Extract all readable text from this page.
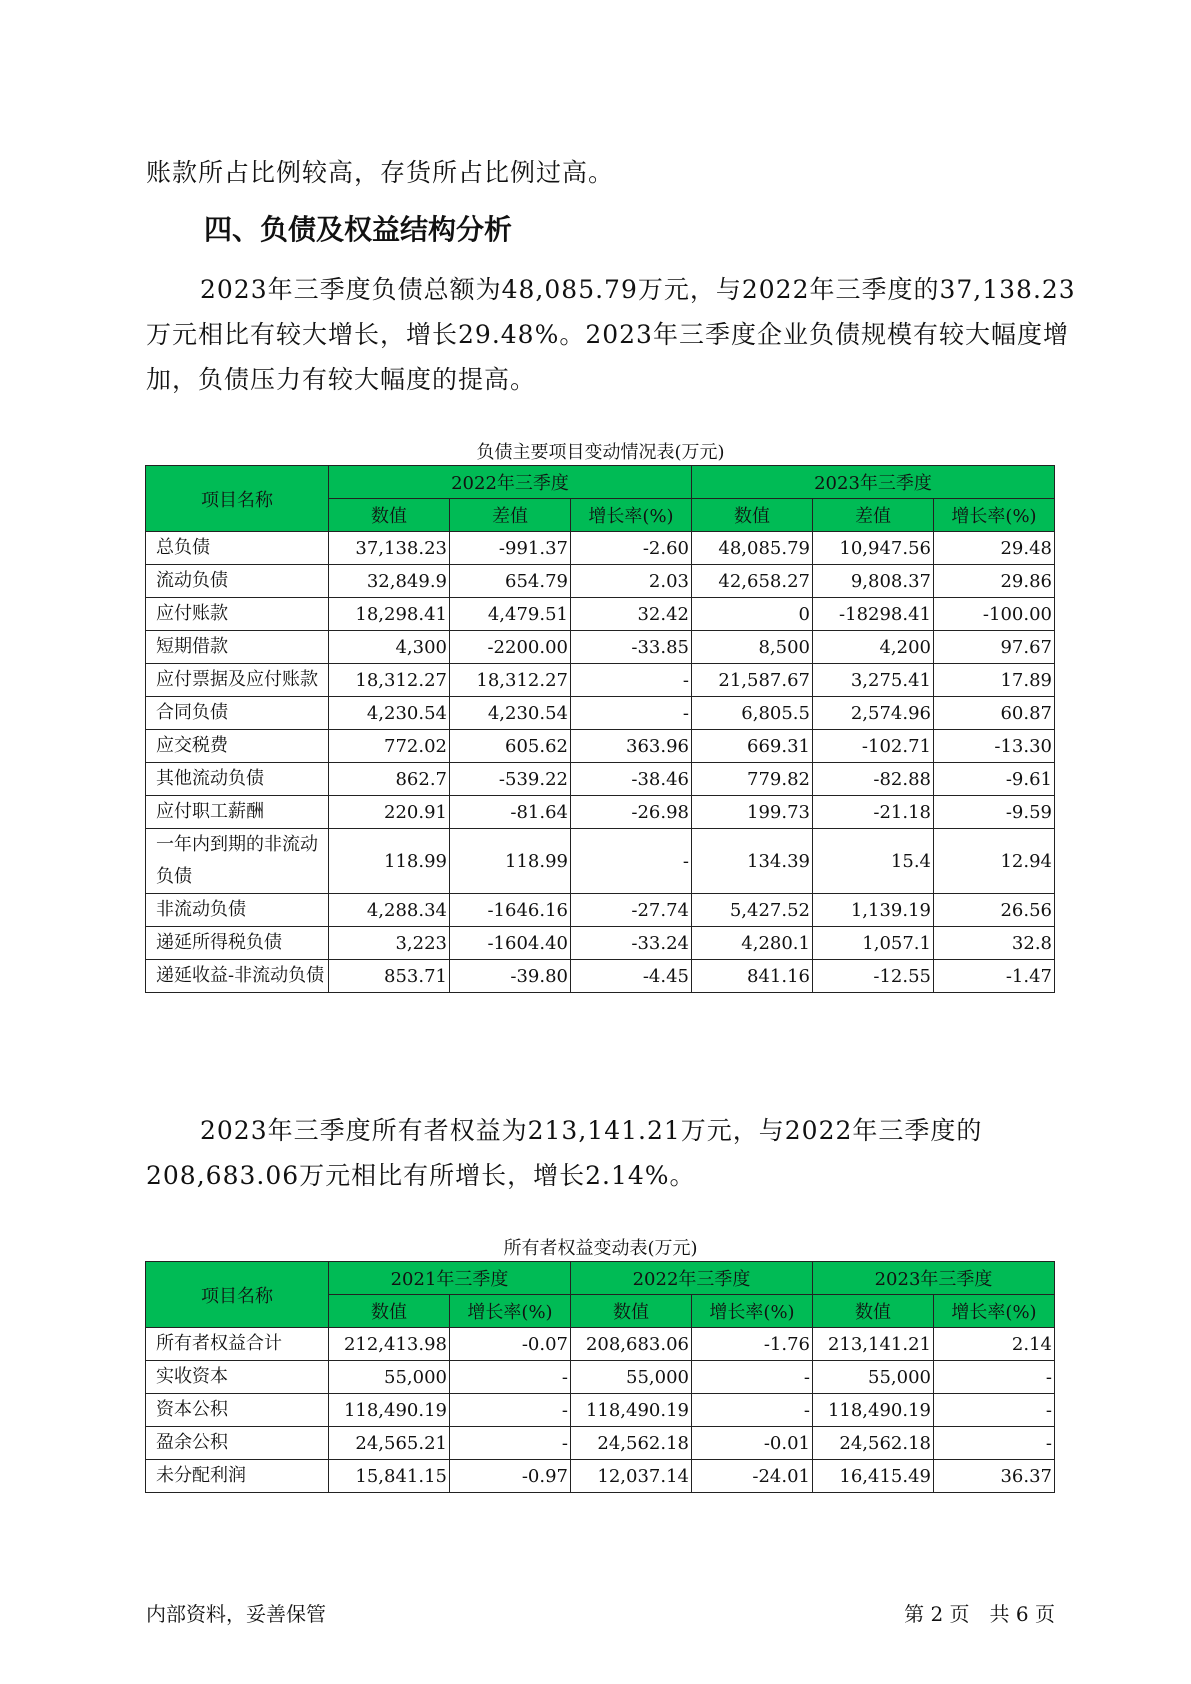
账款所占比例较高，存货所占比例过高。
四、负债及权益结构分析
2023年三季度负债总额为48,085.79万元，与2022年三季度的37,138.23万元相比有较大增长，增长29.48%。2023年三季度企业负债规模有较大幅度增加，负债压力有较大幅度的提高。
负债主要项目变动情况表(万元)
项目名称	2022年三季度			2023年三季度		
	数值	差值	增长率(%)	数值	差值	增长率(%)
总负债	37,138.23	-991.37	-2.60	48,085.79	10,947.56	29.48
流动负债	32,849.9	654.79	2.03	42,658.27	9,808.37	29.86
应付账款	18,298.41	4,479.51	32.42	0	-18298.41	-100.00
短期借款	4,300	-2200.00	-33.85	8,500	4,200	97.67
应付票据及应付账款	18,312.27	18,312.27	-	21,587.67	3,275.41	17.89
合同负债	4,230.54	4,230.54	-	6,805.5	2,574.96	60.87
应交税费	772.02	605.62	363.96	669.31	-102.71	-13.30
其他流动负债	862.7	-539.22	-38.46	779.82	-82.88	-9.61
应付职工薪酬	220.91	-81.64	-26.98	199.73	-21.18	-9.59
一年内到期的非流动负债	118.99	118.99	-	134.39	15.4	12.94
非流动负债	4,288.34	-1646.16	-27.74	5,427.52	1,139.19	26.56
递延所得税负债	3,223	-1604.40	-33.24	4,280.1	1,057.1	32.8
递延收益-非流动负债	853.71	-39.80	-4.45	841.16	-12.55	-1.47
2023年三季度所有者权益为213,141.21万元，与2022年三季度的208,683.06万元相比有所增长，增长2.14%。
所有者权益变动表(万元)
项目名称	2021年三季度		2022年三季度		2023年三季度	
	数值	增长率(%)	数值	增长率(%)	数值	增长率(%)
所有者权益合计	212,413.98	-0.07	208,683.06	-1.76	213,141.21	2.14
实收资本	55,000	-	55,000	-	55,000	-
资本公积	118,490.19	-	118,490.19	-	118,490.19	-
盈余公积	24,565.21	-	24,562.18	-0.01	24,562.18	-
未分配利润	15,841.15	-0.97	12,037.14	-24.01	16,415.49	36.37
内部资料，妥善保管	第 2 页　共 6 页
